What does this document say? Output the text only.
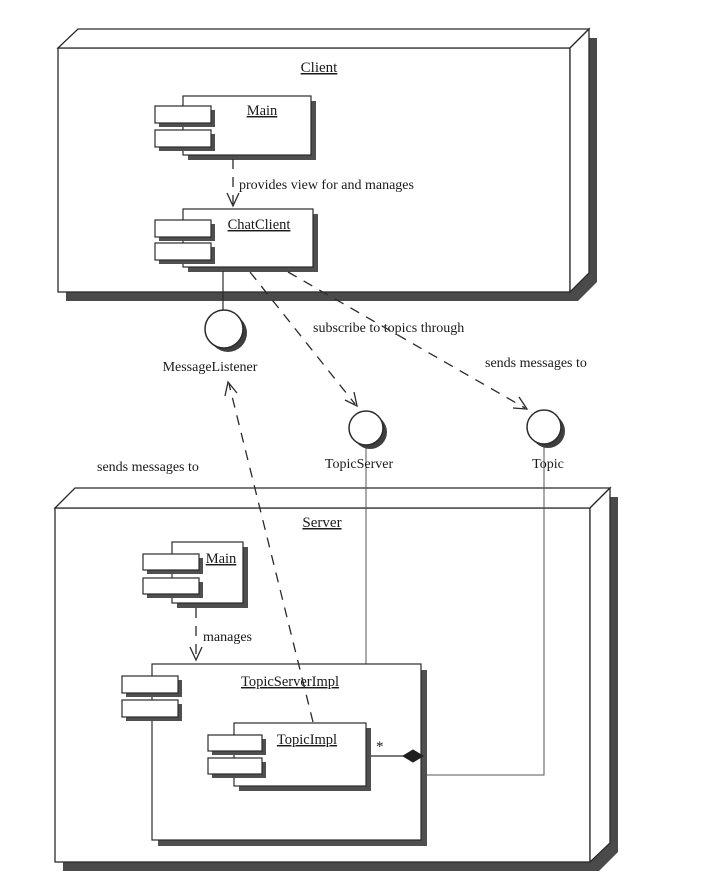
Client
Main
provides view for and manages
ChatClient
Server
TopicServerImpl
TopicImpl	*
Main
manages
subscribe to topics through
sends messages to
sends messages to
MessageListener
TopicServer	Topic
